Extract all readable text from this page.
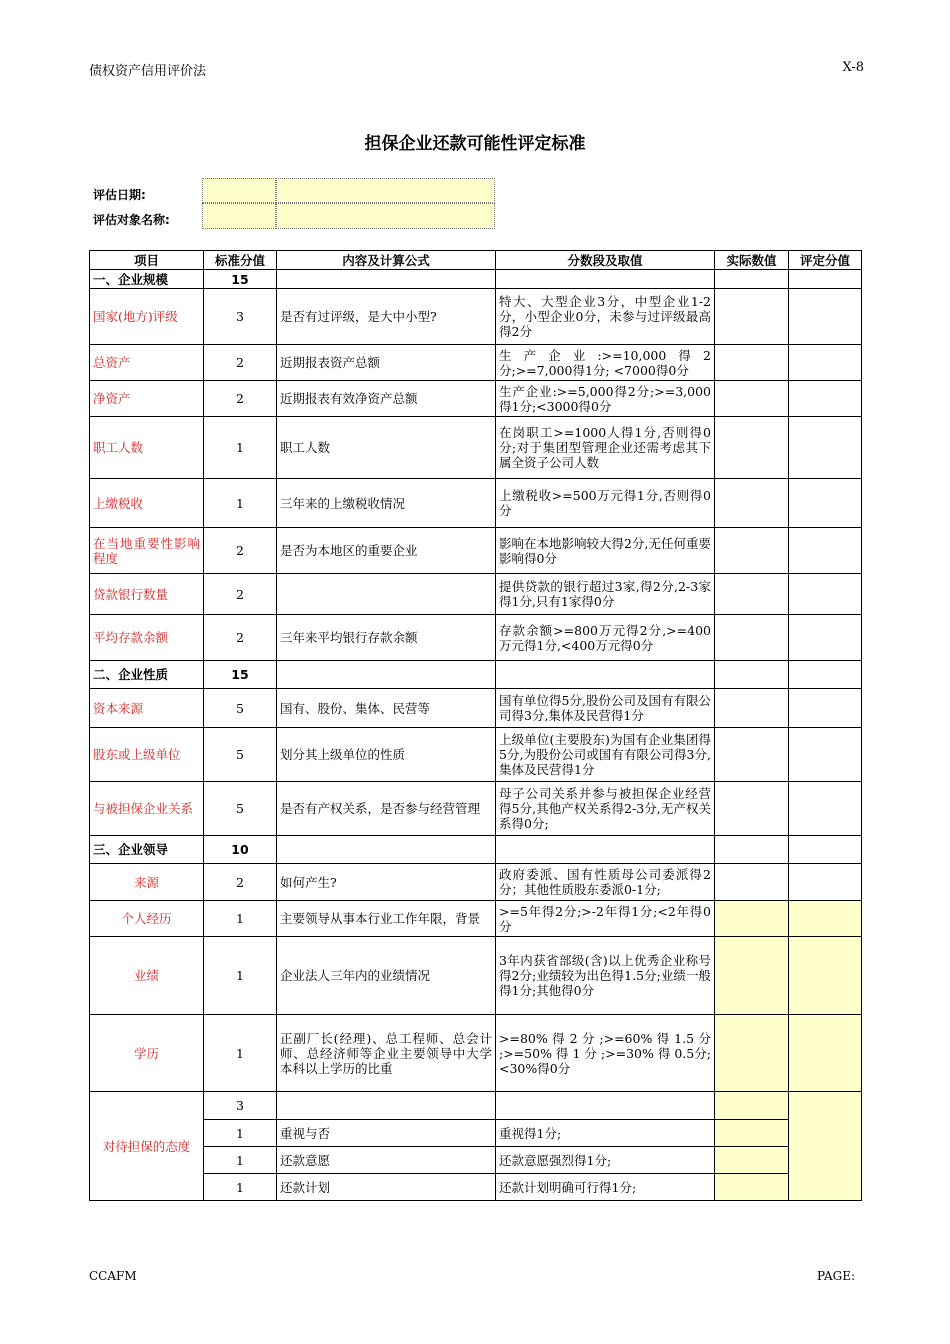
债权资产信用评价法	X-8
担保企业还款可能性评定标准
评估日期:
评估对象名称:
项目	标准分值	内容及计算公式	分数段及取值	实际数值	评定分值
一、企业规模	15				
国家(地方)评级	3	是否有过评级，是大中小型?	特大、大型企业3分，中型企业1-2分，小型企业0分，未参与过评级最高得2分		
总资产	2	近期报表资产总额	生产企业:>=10,000得2分;>=7,000得1分; <7000得0分		
净资产	2	近期报表有效净资产总额	生产企业:>=5,000得2分;>=3,000得1分;<3000得0分		
职工人数	1	职工人数	在岗职工>=1000人得1分,否则得0分;对于集团型管理企业还需考虑其下属全资子公司人数		
上缴税收	1	三年来的上缴税收情况	上缴税收>=500万元得1分,否则得0分		
在当地重要性影响程度	2	是否为本地区的重要企业	影响在本地影响较大得2分,无任何重要影响得0分		
贷款银行数量	2		提供贷款的银行超过3家,得2分,2-3家得1分,只有1家得0分		
平均存款余额	2	三年来平均银行存款余额	存款余额>=800万元得2分,>=400万元得1分,<400万元得0分		
二、企业性质	15				
资本来源	5	国有、股份、集体、民营等	国有单位得5分,股份公司及国有有限公司得3分,集体及民营得1分		
股东或上级单位	5	划分其上级单位的性质	上级单位(主要股东)为国有企业集团得5分,为股份公司或国有有限公司得3分,集体及民营得1分		
与被担保企业关系	5	是否有产权关系，是否参与经营管理	母子公司关系并参与被担保企业经营得5分,其他产权关系得2-3分,无产权关系得0分;		
三、企业领导	10				
来源	2	如何产生?	政府委派、国有性质母公司委派得2分；其他性质股东委派0-1分;		
个人经历	1	主要领导从事本行业工作年限，背景	>=5年得2分;>-2年得1分;<2年得0分		
业绩	1	企业法人三年内的业绩情况	3年内获省部级(含)以上优秀企业称号得2分;业绩较为出色得1.5分;业绩一般得1分;其他得0分		
学历	1	正副厂长(经理)、总工程师、总会计师、总经济师等企业主要领导中大学本科以上学历的比重	>=80% 得 2 分 ;>=60% 得 1.5 分 ;>=50% 得 1 分 ;>=30% 得 0.5分;<30%得0分		
对待担保的态度	3				
	1	重视与否	重视得1分;		
	1	还款意愿	还款意愿强烈得1分;		
	1	还款计划	还款计划明确可行得1分;		
CCAFM	PAGE:
